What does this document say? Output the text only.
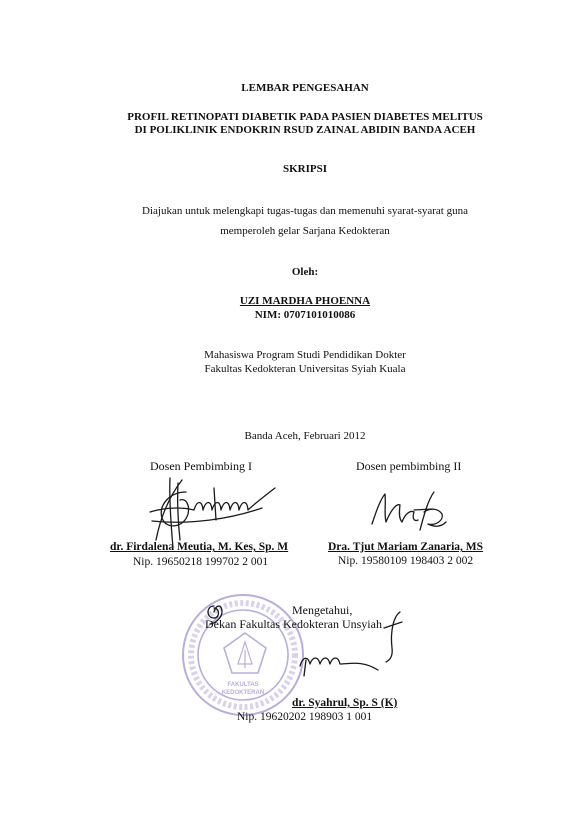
FAKULTAS
KEDOKTERAN

LEMBAR PENGESAHAN

PROFIL RETINOPATI DIABETIK PADA PASIEN DIABETES MELITUS

DI POLIKLINIK ENDOKRIN RSUD ZAINAL ABIDIN BANDA ACEH

SKRIPSI

Diajukan untuk melengkapi tugas-tugas dan memenuhi syarat-syarat guna

memperoleh gelar Sarjana Kedokteran

Oleh:

UZI MARDHA PHOENNA

NIM: 0707101010086

Mahasiswa Program Studi Pendidikan Dokter

Fakultas Kedokteran Universitas Syiah Kuala

Banda Aceh, Februari 2012

Dosen Pembimbing I

dr. Firdalena Meutia, M. Kes, Sp. M

Nip. 19650218 199702 2 001

Dosen pembimbing II

Dra. Tjut Mariam Zanaria, MS

Nip. 19580109 198403 2 002

Mengetahui,

Dekan Fakultas Kedokteran Unsyiah

dr. Syahrul, Sp. S (K)

Nip. 19620202 198903 1 001
